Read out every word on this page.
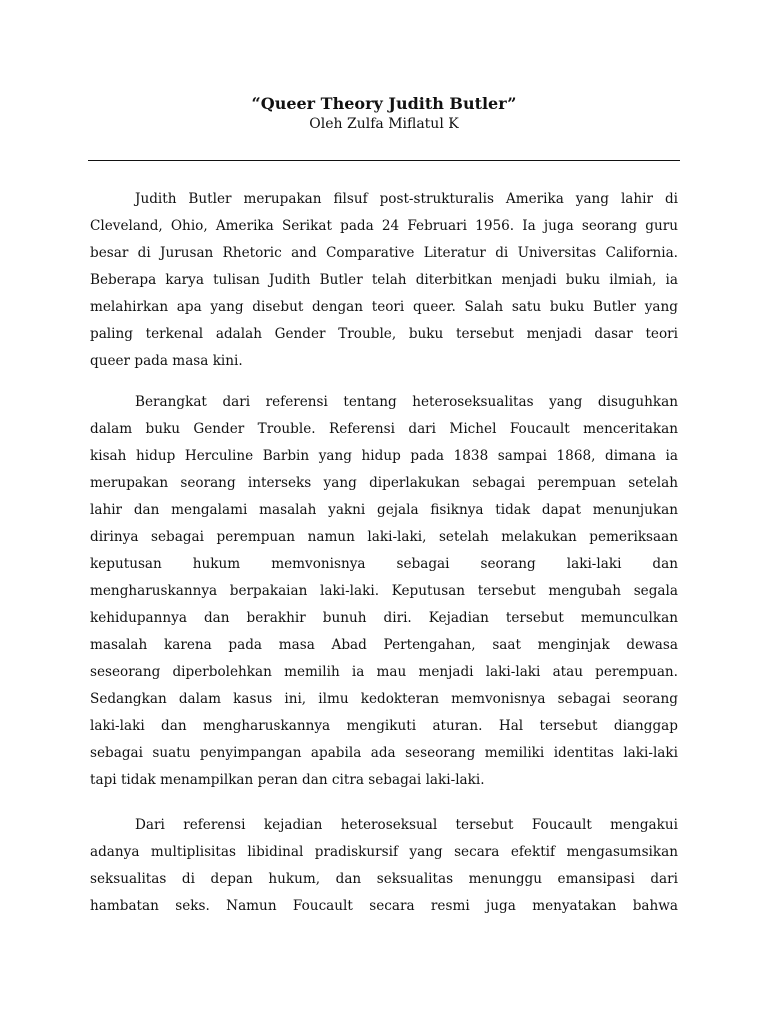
“Queer Theory Judith Butler”
Oleh Zulfa Miflatul K
Judith Butler merupakan filsuf post-strukturalis Amerika yang lahir di
Cleveland, Ohio, Amerika Serikat pada 24 Februari 1956. Ia juga seorang guru
besar di Jurusan Rhetoric and Comparative Literatur di Universitas California.
Beberapa karya tulisan Judith Butler telah diterbitkan menjadi buku ilmiah, ia
melahirkan apa yang disebut dengan teori queer. Salah satu buku Butler yang
paling terkenal adalah Gender Trouble, buku tersebut menjadi dasar teori
queer pada masa kini.
Berangkat dari referensi tentang heteroseksualitas yang disuguhkan
dalam buku Gender Trouble. Referensi dari Michel Foucault menceritakan
kisah hidup Herculine Barbin yang hidup pada 1838 sampai 1868, dimana ia
merupakan seorang interseks yang diperlakukan sebagai perempuan setelah
lahir dan mengalami masalah yakni gejala fisiknya tidak dapat menunjukan
dirinya sebagai perempuan namun laki-laki, setelah melakukan pemeriksaan
keputusan hukum memvonisnya sebagai seorang laki-laki dan
mengharuskannya berpakaian laki-laki. Keputusan tersebut mengubah segala
kehidupannya dan berakhir bunuh diri. Kejadian tersebut memunculkan
masalah karena pada masa Abad Pertengahan, saat menginjak dewasa
seseorang diperbolehkan memilih ia mau menjadi laki-laki atau perempuan.
Sedangkan dalam kasus ini, ilmu kedokteran memvonisnya sebagai seorang
laki-laki dan mengharuskannya mengikuti aturan. Hal tersebut dianggap
sebagai suatu penyimpangan apabila ada seseorang memiliki identitas laki-laki
tapi tidak menampilkan peran dan citra sebagai laki-laki.
Dari referensi kejadian heteroseksual tersebut Foucault mengakui
adanya multiplisitas libidinal pradiskursif yang secara efektif mengasumsikan
seksualitas di depan hukum, dan seksualitas menunggu emansipasi dari
hambatan seks. Namun Foucault secara resmi juga menyatakan bahwa
